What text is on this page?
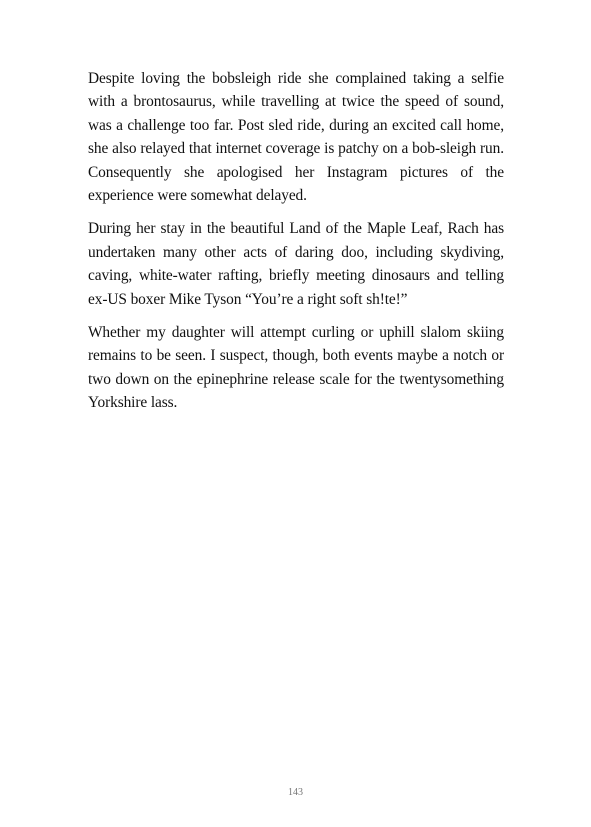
Despite loving the bobsleigh ride she complained taking a selfie with a brontosaurus, while travelling at twice the speed of sound, was a challenge too far. Post sled ride, during an excited call home, she also relayed that internet coverage is patchy on a bob-sleigh run. Consequently she apologised her Instagram pictures of the experience were somewhat delayed.

During her stay in the beautiful Land of the Maple Leaf, Rach has undertaken many other acts of daring doo, including skydiving, caving, white-water rafting, briefly meeting dinosaurs and telling ex-US boxer Mike Tyson “You’re a right soft sh!te!”

Whether my daughter will attempt curling or uphill slalom skiing remains to be seen. I suspect, though, both events maybe a notch or two down on the epinephrine release scale for the twentysomething Yorkshire lass.

143
